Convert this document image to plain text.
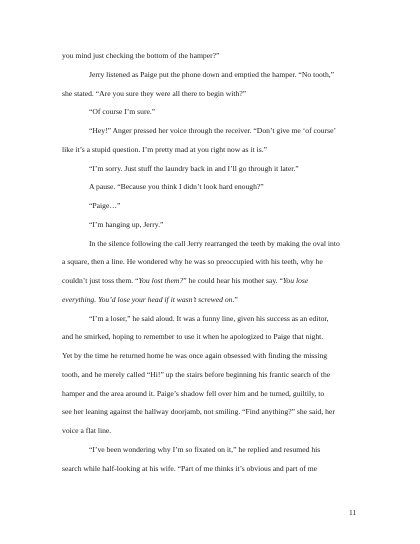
you mind just checking the bottom of the hamper?”
Jerry listened as Paige put the phone down and emptied the hamper. “No tooth,”
she stated. “Are you sure they were all there to begin with?”
“Of course I’m sure.”
“Hey!” Anger pressed her voice through the receiver. “Don’t give me ‘of course’
like it’s a stupid question. I’m pretty mad at you right now as it is.”
“I’m sorry. Just stuff the laundry back in and I’ll go through it later.”
A pause. “Because you think I didn’t look hard enough?”
“Paige…”
“I’m hanging up, Jerry.”
In the silence following the call Jerry rearranged the teeth by making the oval into
a square, then a line. He wondered why he was so preoccupied with his teeth, why he
couldn’t just toss them. “You lost them?” he could hear his mother say. “You lose
everything. You’d lose your head if it wasn’t screwed on.”
“I’m a loser,” he said aloud. It was a funny line, given his success as an editor,
and he smirked, hoping to remember to use it when he apologized to Paige that night.
Yet by the time he returned home he was once again obsessed with finding the missing
tooth, and he merely called “Hi!” up the stairs before beginning his frantic search of the
hamper and the area around it. Paige’s shadow fell over him and he turned, guiltily, to
see her leaning against the hallway doorjamb, not smiling. “Find anything?” she said, her
voice a flat line.
“I’ve been wondering why I’m so fixated on it,” he replied and resumed his
search while half-looking at his wife. “Part of me thinks it’s obvious and part of me
11
